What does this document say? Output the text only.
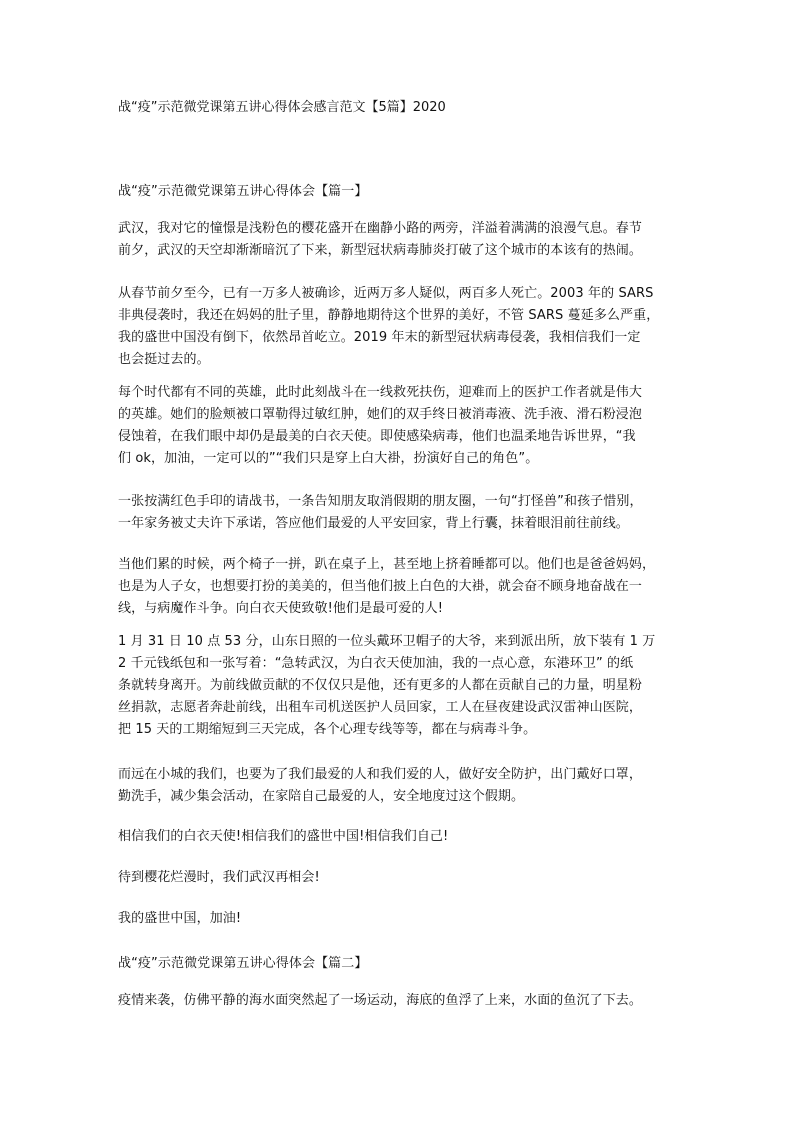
战“疫”示范微党课第五讲心得体会感言范文【5篇】2020
战“疫”示范微党课第五讲心得体会【篇一】
武汉，我对它的憧憬是浅粉色的樱花盛开在幽静小路的两旁，洋溢着满满的浪漫气息。春节
前夕，武汉的天空却渐渐暗沉了下来，新型冠状病毒肺炎打破了这个城市的本该有的热闹。
从春节前夕至今，已有一万多人被确诊，近两万多人疑似，两百多人死亡。2003 年的 SARS
非典侵袭时，我还在妈妈的肚子里，静静地期待这个世界的美好，不管 SARS 蔓延多么严重，
我的盛世中国没有倒下，依然昂首屹立。2019 年末的新型冠状病毒侵袭，我相信我们一定
也会挺过去的。
每个时代都有不同的英雄，此时此刻战斗在一线救死扶伤，迎难而上的医护工作者就是伟大
的英雄。她们的脸颊被口罩勒得过敏红肿，她们的双手终日被消毒液、洗手液、滑石粉浸泡
侵蚀着，在我们眼中却仍是最美的白衣天使。即使感染病毒，他们也温柔地告诉世界，“我
们 ok，加油，一定可以的”“我们只是穿上白大褂，扮演好自己的角色”。
一张按满红色手印的请战书，一条告知朋友取消假期的朋友圈，一句“打怪兽”和孩子惜别，
一年家务被丈夫许下承诺，答应他们最爱的人平安回家，背上行囊，抹着眼泪前往前线。
当他们累的时候，两个椅子一拼，趴在桌子上，甚至地上挤着睡都可以。他们也是爸爸妈妈，
也是为人子女，也想要打扮的美美的，但当他们披上白色的大褂，就会奋不顾身地奋战在一
线，与病魔作斗争。向白衣天使致敬!他们是最可爱的人!
1 月 31 日 10 点 53 分，山东日照的一位头戴环卫帽子的大爷，来到派出所，放下装有 1 万
2 千元钱纸包和一张写着：“急转武汉，为白衣天使加油，我的一点心意，东港环卫” 的纸
条就转身离开。为前线做贡献的不仅仅只是他，还有更多的人都在贡献自己的力量，明星粉
丝捐款，志愿者奔赴前线，出租车司机送医护人员回家，工人在昼夜建设武汉雷神山医院，
把 15 天的工期缩短到三天完成，各个心理专线等等，都在与病毒斗争。
而远在小城的我们，也要为了我们最爱的人和我们爱的人，做好安全防护，出门戴好口罩，
勤洗手，减少集会活动，在家陪自己最爱的人，安全地度过这个假期。
相信我们的白衣天使!相信我们的盛世中国!相信我们自己!
待到樱花烂漫时，我们武汉再相会!
我的盛世中国，加油!
战“疫”示范微党课第五讲心得体会【篇二】
疫情来袭，仿佛平静的海水面突然起了一场运动，海底的鱼浮了上来，水面的鱼沉了下去。
